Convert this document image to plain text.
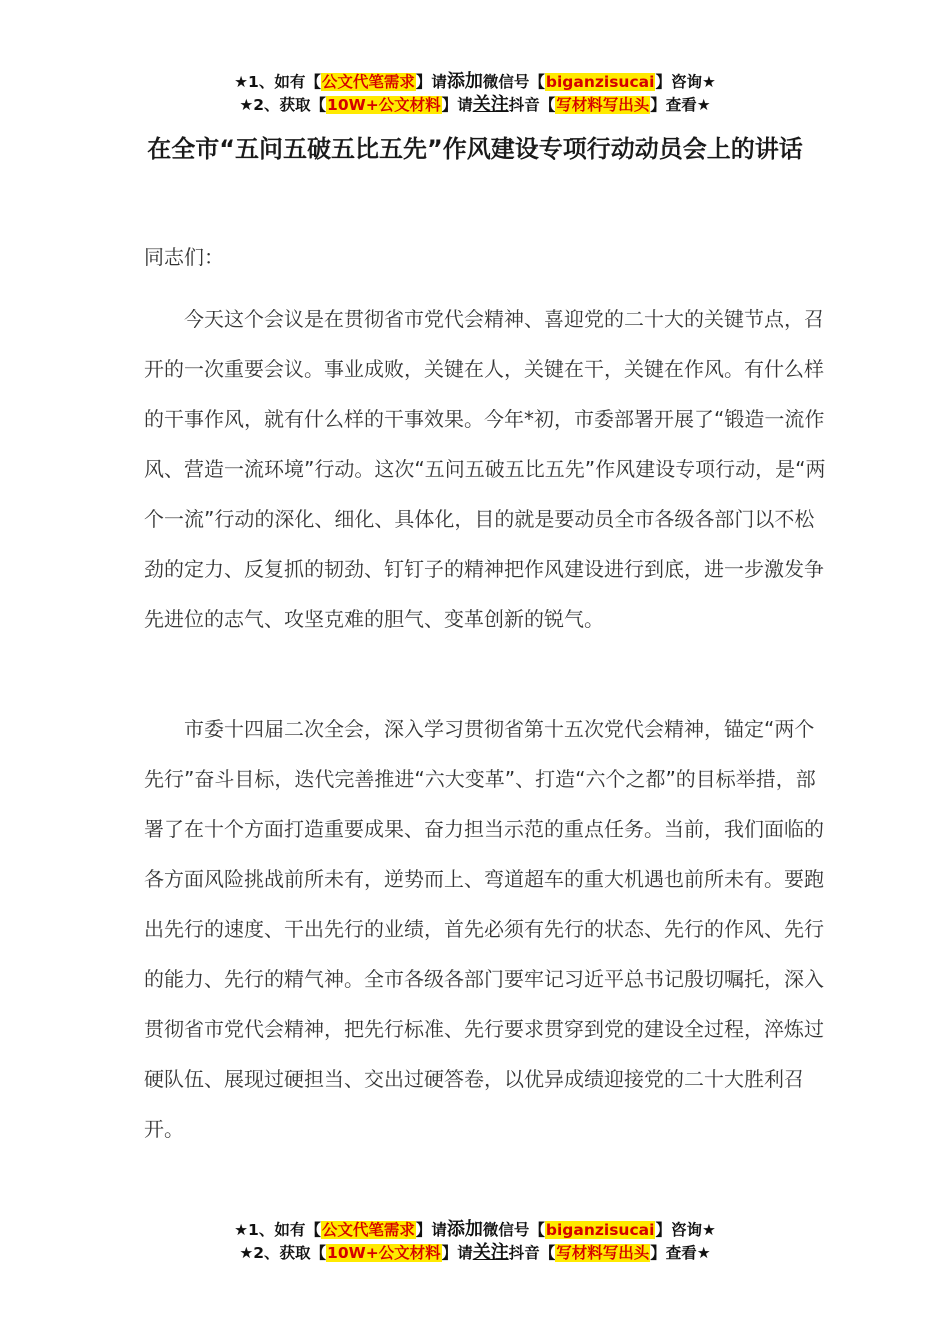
★1、如有【公文代笔需求】请添加微信号【biganzisucai】咨询★
★2、获取【10W+公文材料】请关注抖音【写材料写出头】查看★
在全市“五问五破五比五先”作风建设专项行动动员会上的讲话
同志们：

今天这个会议是在贯彻省市党代会精神、喜迎党的二十大的关键节点，召开的一次重要会议。事业成败，关键在人，关键在干，关键在作风。有什么样的干事作风，就有什么样的干事效果。今年*初，市委部署开展了“锻造一流作风、营造一流环境”行动。这次“五问五破五比五先”作风建设专项行动，是“两个一流”行动的深化、细化、具体化，目的就是要动员全市各级各部门以不松劲的定力、反复抓的韧劲、钉钉子的精神把作风建设进行到底，进一步激发争先进位的志气、攻坚克难的胆气、变革创新的锐气。

市委十四届二次全会，深入学习贯彻省第十五次党代会精神，锚定“两个先行”奋斗目标，迭代完善推进“六大变革”、打造“六个之都”的目标举措，部署了在十个方面打造重要成果、奋力担当示范的重点任务。当前，我们面临的各方面风险挑战前所未有，逆势而上、弯道超车的重大机遇也前所未有。要跑出先行的速度、干出先行的业绩，首先必须有先行的状态、先行的作风、先行的能力、先行的精气神。全市各级各部门要牢记习近平总书记殷切嘱托，深入贯彻省市党代会精神，把先行标准、先行要求贯穿到党的建设全过程，淬炼过硬队伍、展现过硬担当、交出过硬答卷，以优异成绩迎接党的二十大胜利召开。

★1、如有【公文代笔需求】请添加微信号【biganzisucai】咨询★
★2、获取【10W+公文材料】请关注抖音【写材料写出头】查看★
